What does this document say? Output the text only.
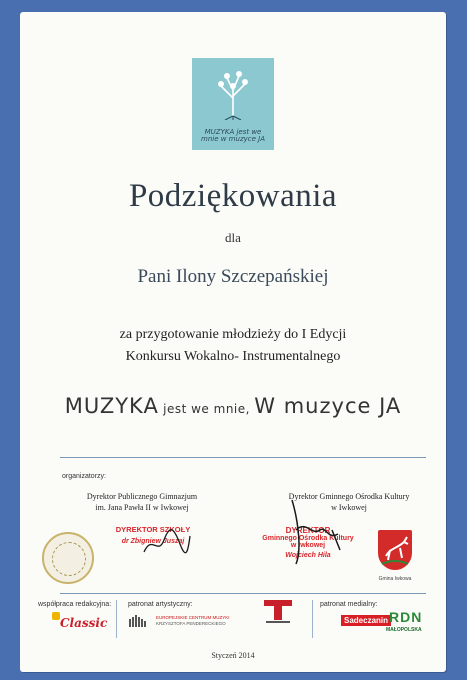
MUZYKA jest we mnie w muzyce JA
Podziękowania
dla
Pani Ilony Szczepańskiej
za przygotowanie młodzieży do I Edycji
Konkursu Wokalno- Instrumentalnego
MUZYKA jest we mnie, W muzyce JA
organizatorzy:
Dyrektor Publicznego Gimnazjum
im. Jana Pawła II w Iwkowej
Dyrektor Gminnego Ośrodka Kultury
w Iwkowej
DYREKTOR SZKOŁY
dr Zbigniew Juszaj
DYREKTOR
Gminnego Ośrodka Kultury
w Iwkowej
Wojciech Hila
Gmina Iwkowa
współpraca redakcyjna: patronat artystyczny:	patronat medialny:
Classic	EUROPEJSKIE CENTRUM MUZYKI
KRZYSZTOFA PENDERECKIEGO	Sadeczanin RDN
MAŁOPOLSKA
Styczeń 2014
